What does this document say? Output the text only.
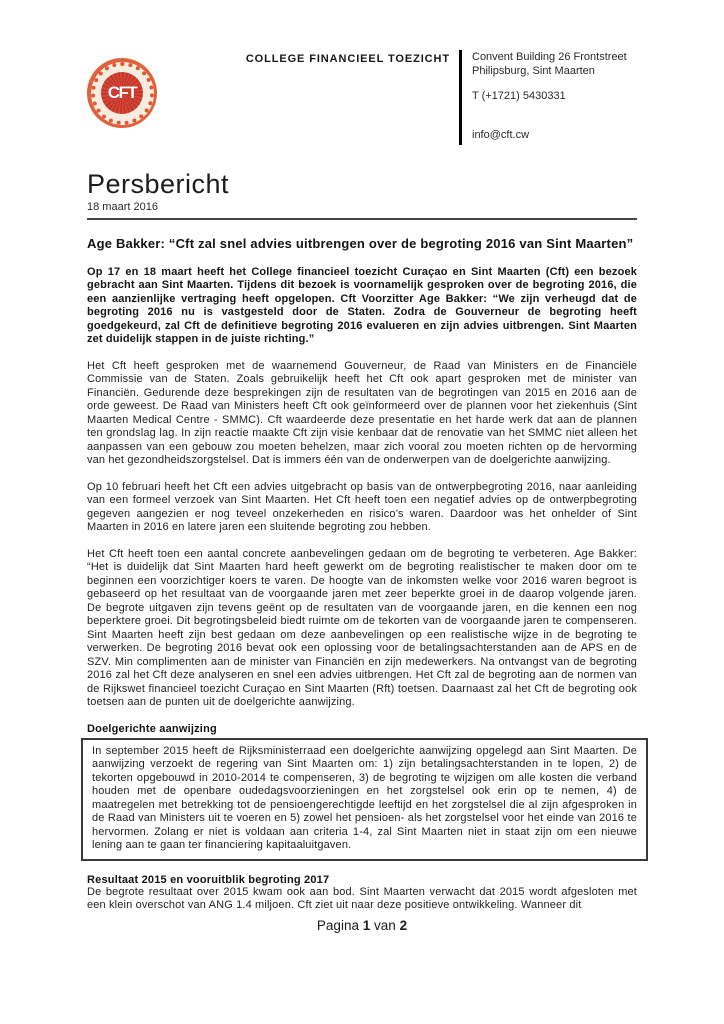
CFT
COLLEGE FINANCIEEL TOEZICHT Convent Building 26 Frontstreet
Philipsburg, Sint Maarten
T (+1721) 5430331
info@cft.cw
Persbericht
18 maart 2016
Age Bakker: “Cft zal snel advies uitbrengen over de begroting 2016 van Sint Maarten”

Op 17 en 18 maart heeft het College financieel toezicht Curaçao en Sint Maarten (Cft) een bezoek gebracht aan Sint Maarten. Tijdens dit bezoek is voornamelijk gesproken over de begroting 2016, die een aanzienlijke vertraging heeft opgelopen. Cft Voorzitter Age Bakker: “We zijn verheugd dat de begroting 2016 nu is vastgesteld door de Staten. Zodra de Gouverneur de begroting heeft goedgekeurd, zal Cft de definitieve begroting 2016 evalueren en zijn advies uitbrengen. Sint Maarten zet duidelijk stappen in de juiste richting.”

Het Cft heeft gesproken met de waarnemend Gouverneur, de Raad van Ministers en de Financiële Commissie van de Staten. Zoals gebruikelijk heeft het Cft ook apart gesproken met de minister van Financiën. Gedurende deze besprekingen zijn de resultaten van de begrotingen van 2015 en 2016 aan de orde geweest. De Raad van Ministers heeft Cft ook geïnformeerd over de plannen voor het ziekenhuis (Sint Maarten Medical Centre - SMMC). Cft waardeerde deze presentatie en het harde werk dat aan de plannen ten grondslag lag. In zijn reactie maakte Cft zijn visie kenbaar dat de renovatie van het SMMC niet alleen het aanpassen van een gebouw zou moeten behelzen, maar zich vooral zou moeten richten op de hervorming van het gezondheidszorgstelsel. Dat is immers één van de onderwerpen van de doelgerichte aanwijzing.

Op 10 februari heeft het Cft een advies uitgebracht op basis van de ontwerpbegroting 2016, naar aanleiding van een formeel verzoek van Sint Maarten. Het Cft heeft toen een negatief advies op de ontwerpbegroting gegeven aangezien er nog teveel onzekerheden en risico’s waren. Daardoor was het onhelder of Sint Maarten in 2016 en latere jaren een sluitende begroting zou hebben.

Het Cft heeft toen een aantal concrete aanbevelingen gedaan om de begroting te verbeteren. Age Bakker: “Het is duidelijk dat Sint Maarten hard heeft gewerkt om de begroting realistischer te maken door om te beginnen een voorzichtiger koers te varen. De hoogte van de inkomsten welke voor 2016 waren begroot is gebaseerd op het resultaat van de voorgaande jaren met zeer beperkte groei in de daarop volgende jaren. De begrote uitgaven zijn tevens geënt op de resultaten van de voorgaande jaren, en die kennen een nog beperktere groei. Dit begrotingsbeleid biedt ruimte om de tekorten van de voorgaande jaren te compenseren. Sint Maarten heeft zijn best gedaan om deze aanbevelingen op een realistische wijze in de begroting te verwerken. De begroting 2016 bevat ook een oplossing voor de betalingsachterstanden aan de APS en de SZV. Min complimenten aan de minister van Financiën en zijn medewerkers. Na ontvangst van de begroting 2016 zal het Cft deze analyseren en snel een advies uitbrengen. Het Cft zal de begroting aan de normen van de Rijkswet financieel toezicht Curaçao en Sint Maarten (Rft) toetsen. Daarnaast zal het Cft de begroting ook toetsen aan de punten uit de doelgerichte aanwijzing.

Doelgerichte aanwijzing

In september 2015 heeft de Rijksministerraad een doelgerichte aanwijzing opgelegd aan Sint Maarten. De aanwijzing verzoekt de regering van Sint Maarten om: 1) zijn betalingsachterstanden in te lopen, 2) de tekorten opgebouwd in 2010-2014 te compenseren, 3) de begroting te wijzigen om alle kosten die verband houden met de openbare oudedagsvoorzieningen en het zorgstelsel ook erin op te nemen, 4) de maatregelen met betrekking tot de pensioengerechtigde leeftijd en het zorgstelsel die al zijn afgesproken in de Raad van Ministers uit te voeren en 5) zowel het pensioen- als het zorgstelsel voor het einde van 2016 te hervormen. Zolang er niet is voldaan aan criteria 1-4, zal Sint Maarten niet in staat zijn om een nieuwe lening aan te gaan ter financiering kapitaaluitgaven.

Resultaat 2015 en vooruitblik begroting 2017

De begrote resultaat over 2015 kwam ook aan bod. Sint Maarten verwacht dat 2015 wordt afgesloten met een klein overschot van ANG 1.4 miljoen. Cft ziet uit naar deze positieve ontwikkeling. Wanneer dit

Pagina 1 van 2
